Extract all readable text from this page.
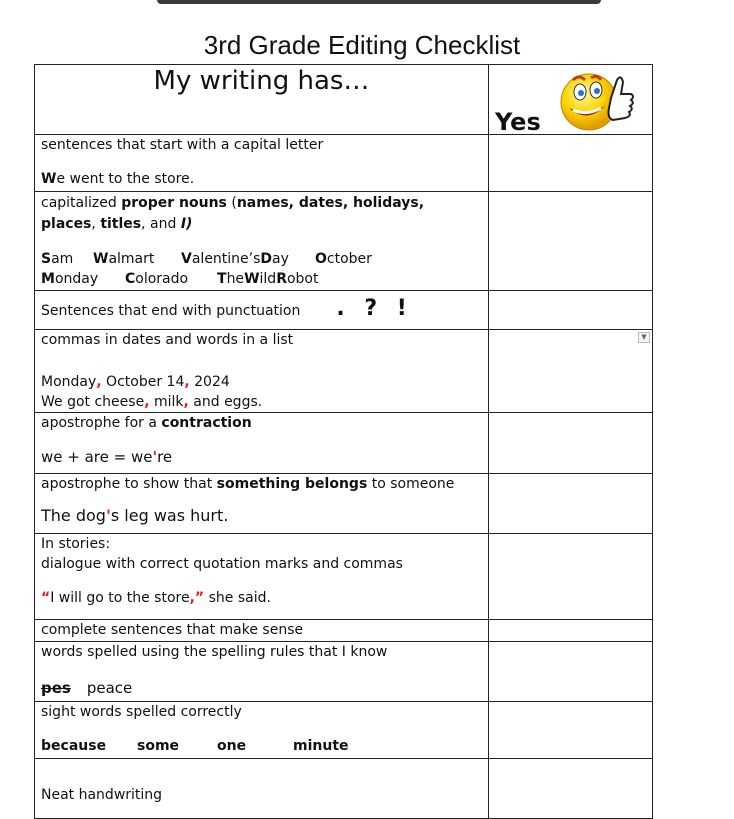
3rd Grade Editing Checklist
My writing has…	Yes

sentences that start with a capital letter
We went to the store.	

capitalized proper nouns (names, dates, holidays, places, titles, and I)
Sam Walmart Valentine’sDay October
Monday Colorado TheWildRobot	

Sentences that end with punctuation . ? !	

commas in dates and words in a list
Monday, October 14, 2024
We got cheese, milk, and eggs.	▼

apostrophe for a contraction
we + are = we're	

apostrophe to show that something belongs to someone
The dog's leg was hurt.	

In stories:
dialogue with correct quotation marks and commas
“I will go to the store,” she said.	

complete sentences that make sense	

words spelled using the spelling rules that I know
pes peace	

sight words spelled correctly
because some one minute	

Neat handwriting	
